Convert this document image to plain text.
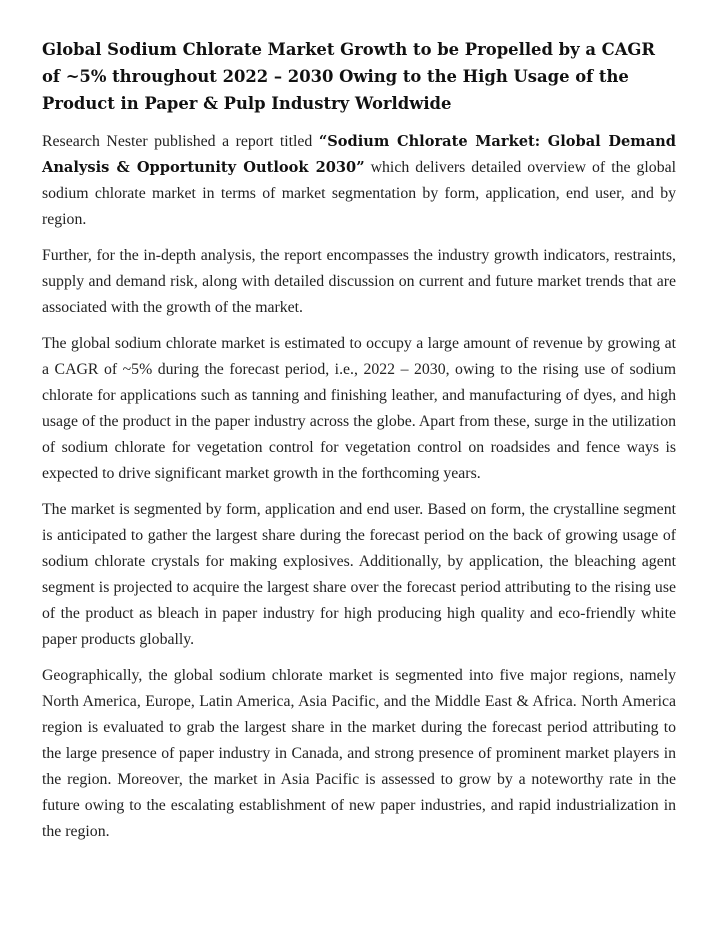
Global Sodium Chlorate Market Growth to be Propelled by a CAGR of ~5% throughout 2022 – 2030 Owing to the High Usage of the Product in Paper & Pulp Industry Worldwide

Research Nester published a report titled “Sodium Chlorate Market: Global Demand Analysis & Opportunity Outlook 2030” which delivers detailed overview of the global sodium chlorate market in terms of market segmentation by form, application, end user, and by region.

Further, for the in-depth analysis, the report encompasses the industry growth indicators, restraints, supply and demand risk, along with detailed discussion on current and future market trends that are associated with the growth of the market.

The global sodium chlorate market is estimated to occupy a large amount of revenue by growing at a CAGR of ~5% during the forecast period, i.e., 2022 – 2030, owing to the rising use of sodium chlorate for applications such as tanning and finishing leather, and manufacturing of dyes, and high usage of the product in the paper industry across the globe. Apart from these, surge in the utilization of sodium chlorate for vegetation control for vegetation control on roadsides and fence ways is expected to drive significant market growth in the forthcoming years.

The market is segmented by form, application and end user. Based on form, the crystalline segment is anticipated to gather the largest share during the forecast period on the back of growing usage of sodium chlorate crystals for making explosives. Additionally, by application, the bleaching agent segment is projected to acquire the largest share over the forecast period attributing to the rising use of the product as bleach in paper industry for high producing high quality and eco-friendly white paper products globally.

Geographically, the global sodium chlorate market is segmented into five major regions, namely North America, Europe, Latin America, Asia Pacific, and the Middle East & Africa. North America region is evaluated to grab the largest share in the market during the forecast period attributing to the large presence of paper industry in Canada, and strong presence of prominent market players in the region. Moreover, the market in Asia Pacific is assessed to grow by a noteworthy rate in the future owing to the escalating establishment of new paper industries, and rapid industrialization in the region.
